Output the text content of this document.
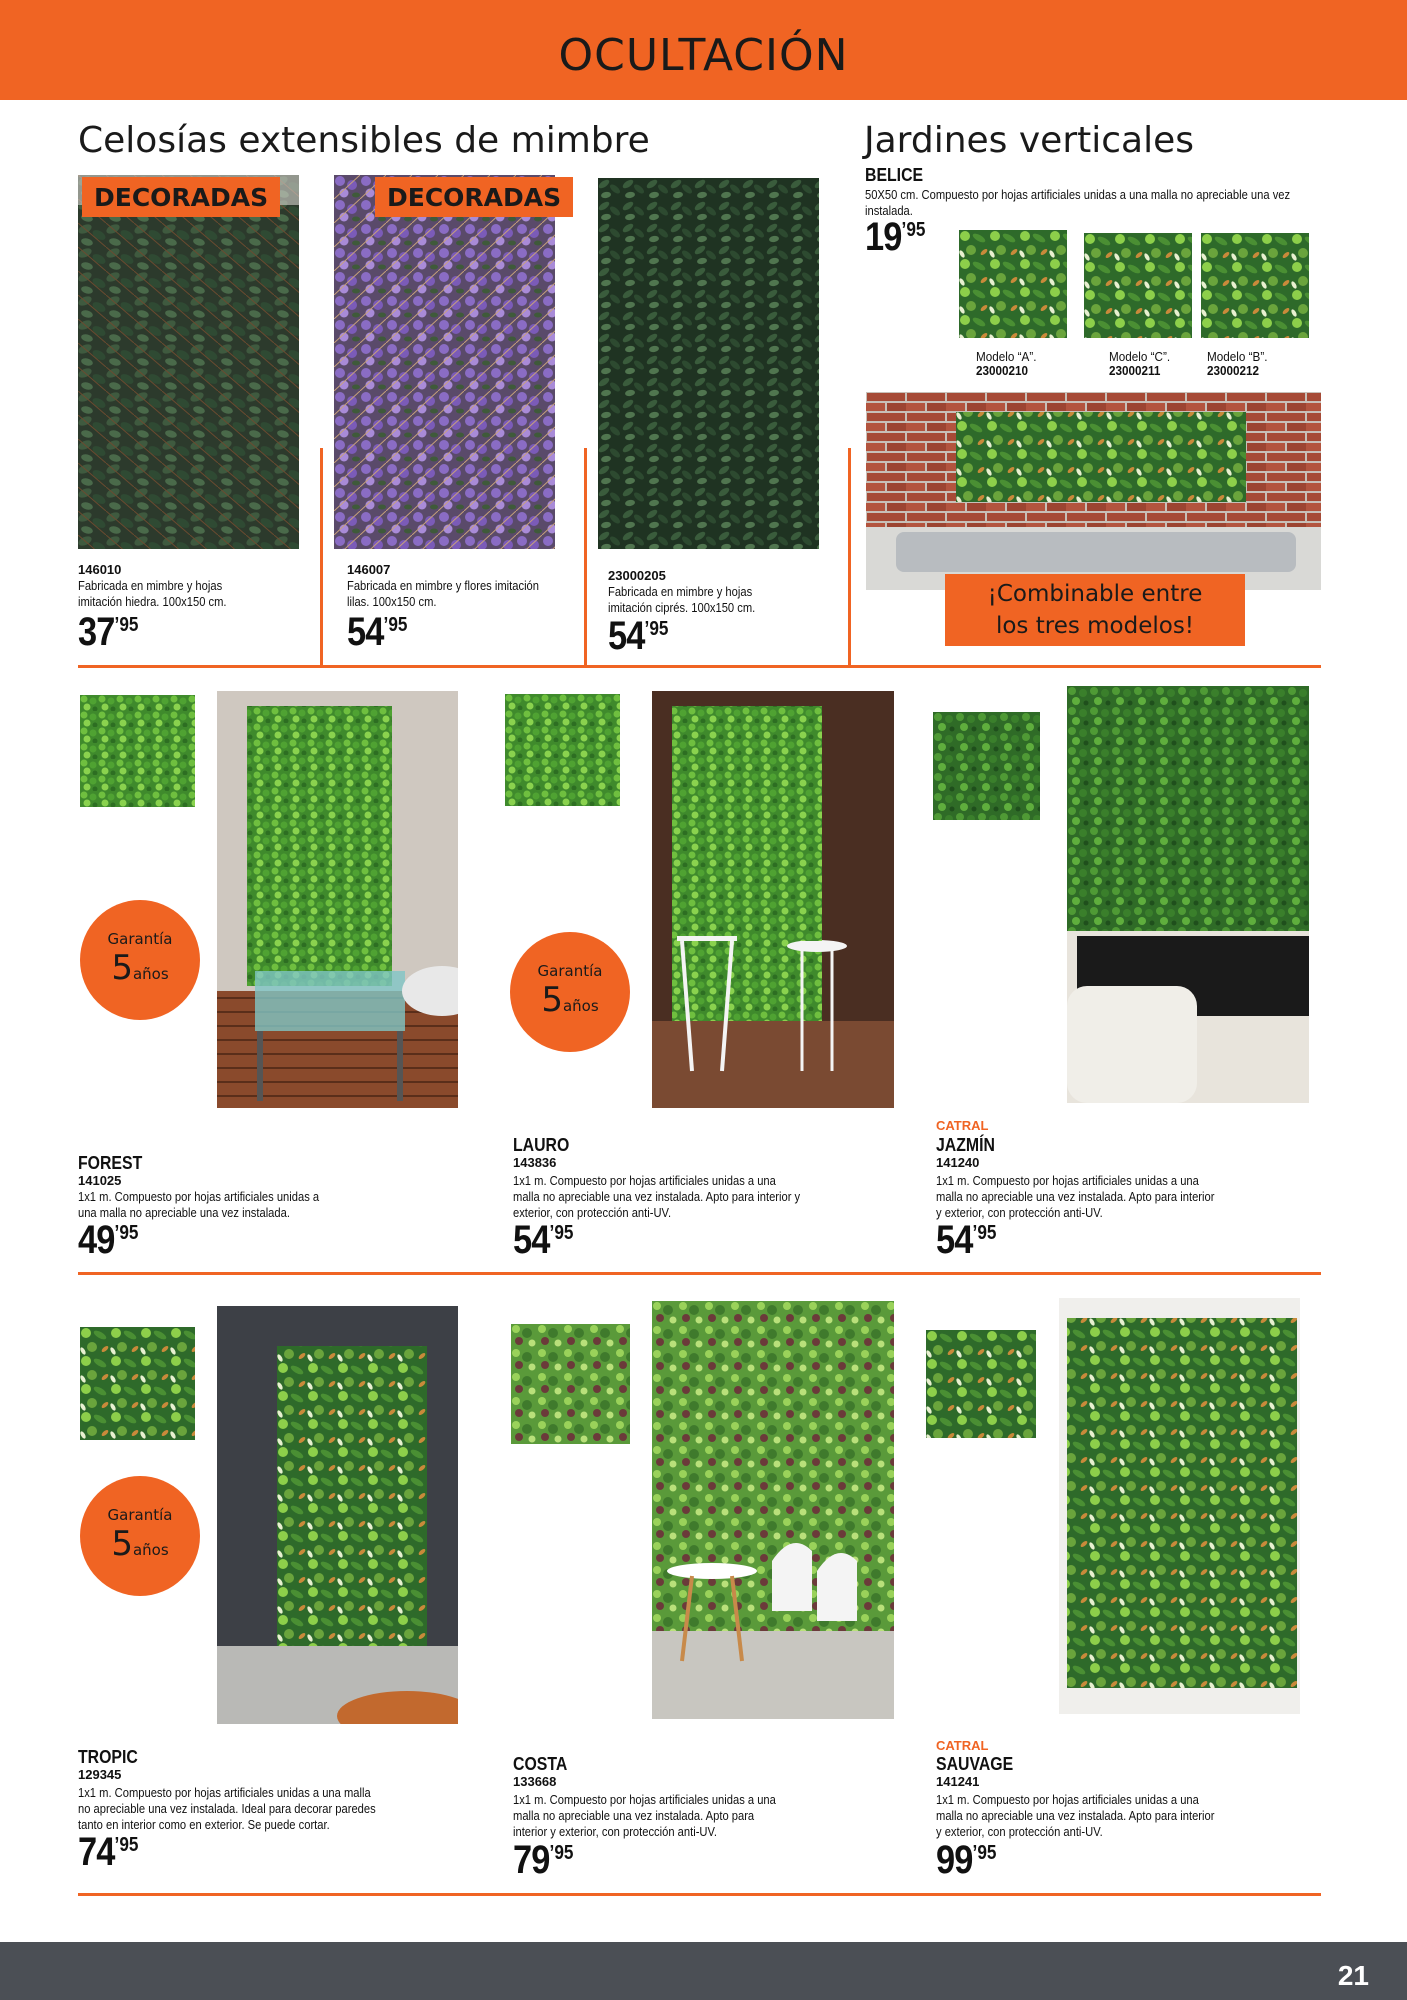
OCULTACIÓN
Celosías extensibles de mimbre	Jardines verticales
DECORADAS
146010
Fabricada en mimbre y hojas imitación hiedra. 100x150 cm.
$37^{’95}$
DECORADAS
146007
Fabricada en mimbre y flores imitación lilas. 100x150 cm.
$54^{’95}$
23000205
Fabricada en mimbre y hojas imitación ciprés. 100x150 cm.
$54^{’95}$
BELICE
50X50 cm. Compuesto por hojas artificiales unidas a una malla no apreciable una vez instalada.
$19^{’95}$
Modelo “A”.
23000210
Modelo “C”.
23000211
Modelo “B”.
23000212
¡Combinable entre
los tres modelos!
Garantía
5años
FOREST
141025
1x1 m. Compuesto por hojas artificiales unidas a una malla no apreciable una vez instalada.
$49^{’95}$
Garantía
5años
LAURO
143836
1x1 m. Compuesto por hojas artificiales unidas a una malla no apreciable una vez instalada. Apto para interior y exterior, con protección anti-UV.
$54^{’95}$
CATRAL
JAZMÍN
141240
1x1 m. Compuesto por hojas artificiales unidas a una malla no apreciable una vez instalada. Apto para interior y exterior, con protección anti-UV.
$54^{’95}$
Garantía
5años
TROPIC
129345
1x1 m. Compuesto por hojas artificiales unidas a una malla no apreciable una vez instalada. Ideal para decorar paredes tanto en interior como en exterior. Se puede cortar.
$74^{’95}$
COSTA
133668
1x1 m. Compuesto por hojas artificiales unidas a una malla no apreciable una vez instalada. Apto para interior y exterior, con protección anti-UV.
$79^{’95}$
CATRAL
SAUVAGE
141241
1x1 m. Compuesto por hojas artificiales unidas a una malla no apreciable una vez instalada. Apto para interior y exterior, con protección anti-UV.
$99^{’95}$
21
